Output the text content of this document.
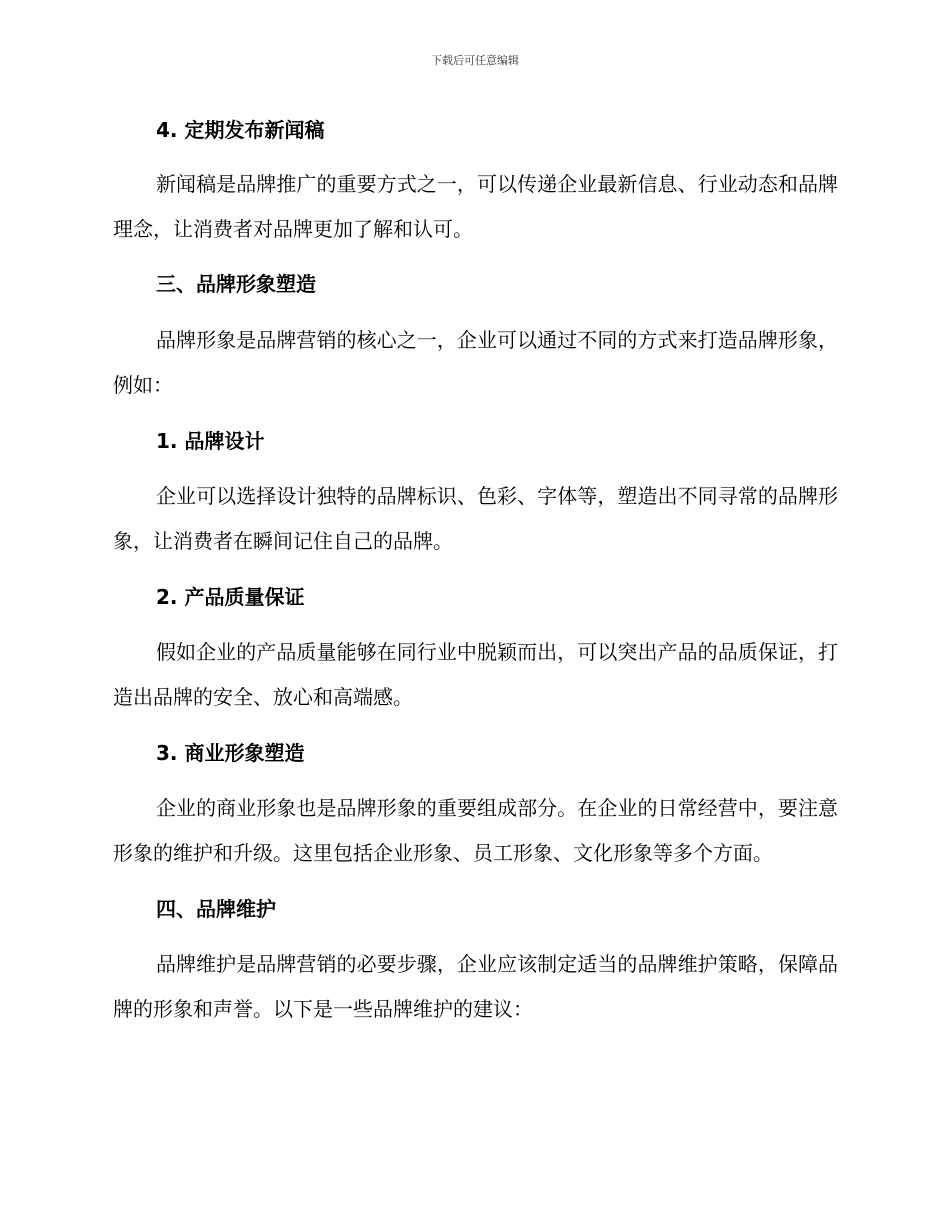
下载后可任意编辑
4. 定期发布新闻稿

新闻稿是品牌推广的重要方式之一，可以传递企业最新信息、行业动态和品牌理念，让消费者对品牌更加了解和认可。

三、品牌形象塑造

品牌形象是品牌营销的核心之一，企业可以通过不同的方式来打造品牌形象，例如：

1. 品牌设计

企业可以选择设计独特的品牌标识、色彩、字体等，塑造出不同寻常的品牌形象，让消费者在瞬间记住自己的品牌。

2. 产品质量保证

假如企业的产品质量能够在同行业中脱颖而出，可以突出产品的品质保证，打造出品牌的安全、放心和高端感。

3. 商业形象塑造

企业的商业形象也是品牌形象的重要组成部分。在企业的日常经营中，要注意形象的维护和升级。这里包括企业形象、员工形象、文化形象等多个方面。

四、品牌维护

品牌维护是品牌营销的必要步骤，企业应该制定适当的品牌维护策略，保障品牌的形象和声誉。以下是一些品牌维护的建议：
